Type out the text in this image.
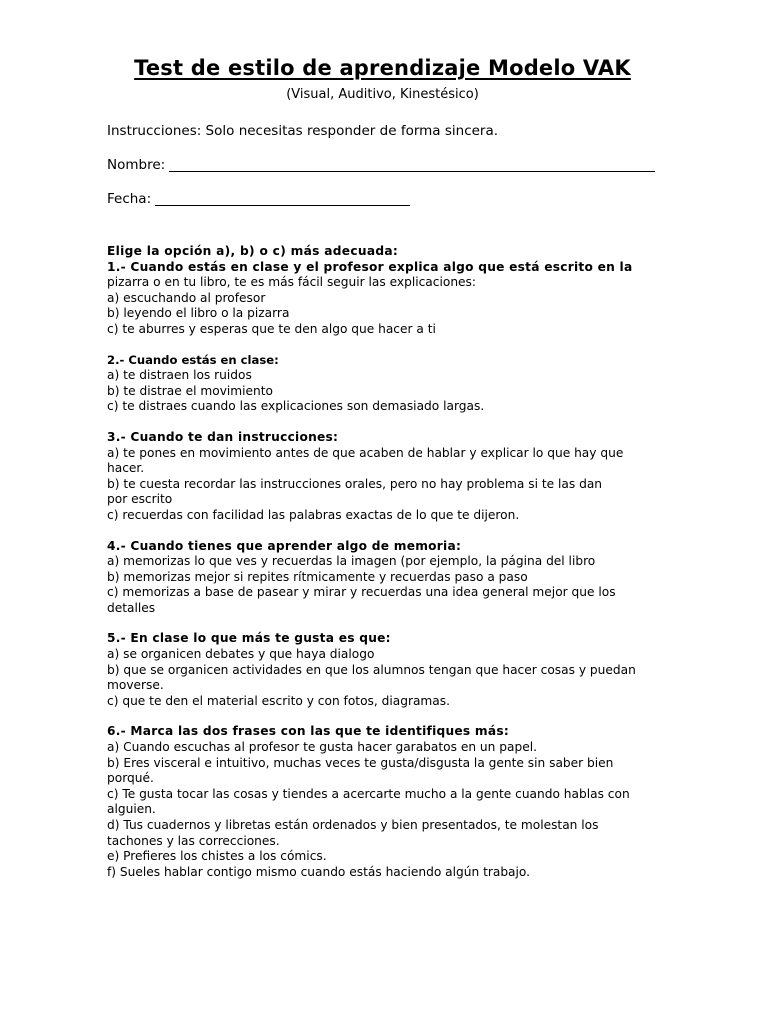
Test de estilo de aprendizaje Modelo VAK

(Visual, Auditivo, Kinestésico)

Instrucciones: Solo necesitas responder de forma sincera.

Nombre:
Fecha:

Elige la opción a), b) o c) más adecuada:

1.- Cuando estás en clase y el profesor explica algo que está escrito en la
pizarra o en tu libro, te es más fácil seguir las explicaciones:
a) escuchando al profesor
b) leyendo el libro o la pizarra
c) te aburres y esperas que te den algo que hacer a ti
2.- Cuando estás en clase:
a) te distraen los ruidos
b) te distrae el movimiento
c) te distraes cuando las explicaciones son demasiado largas.
3.- Cuando te dan instrucciones:
a) te pones en movimiento antes de que acaben de hablar y explicar lo que hay que
hacer.
b) te cuesta recordar las instrucciones orales, pero no hay problema si te las dan
por escrito
c) recuerdas con facilidad las palabras exactas de lo que te dijeron.
4.- Cuando tienes que aprender algo de memoria:
a) memorizas lo que ves y recuerdas la imagen (por ejemplo, la página del libro
b) memorizas mejor si repites rítmicamente y recuerdas paso a paso
c) memorizas a base de pasear y mirar y recuerdas una idea general mejor que los
detalles
5.- En clase lo que más te gusta es que:
a) se organicen debates y que haya dialogo
b) que se organicen actividades en que los alumnos tengan que hacer cosas y puedan
moverse.
c) que te den el material escrito y con fotos, diagramas.
6.- Marca las dos frases con las que te identifiques más:
a) Cuando escuchas al profesor te gusta hacer garabatos en un papel.
b) Eres visceral e intuitivo, muchas veces te gusta/disgusta la gente sin saber bien
porqué.
c) Te gusta tocar las cosas y tiendes a acercarte mucho a la gente cuando hablas con
alguien.
d) Tus cuadernos y libretas están ordenados y bien presentados, te molestan los
tachones y las correcciones.
e) Prefieres los chistes a los cómics.
f) Sueles hablar contigo mismo cuando estás haciendo algún trabajo.
